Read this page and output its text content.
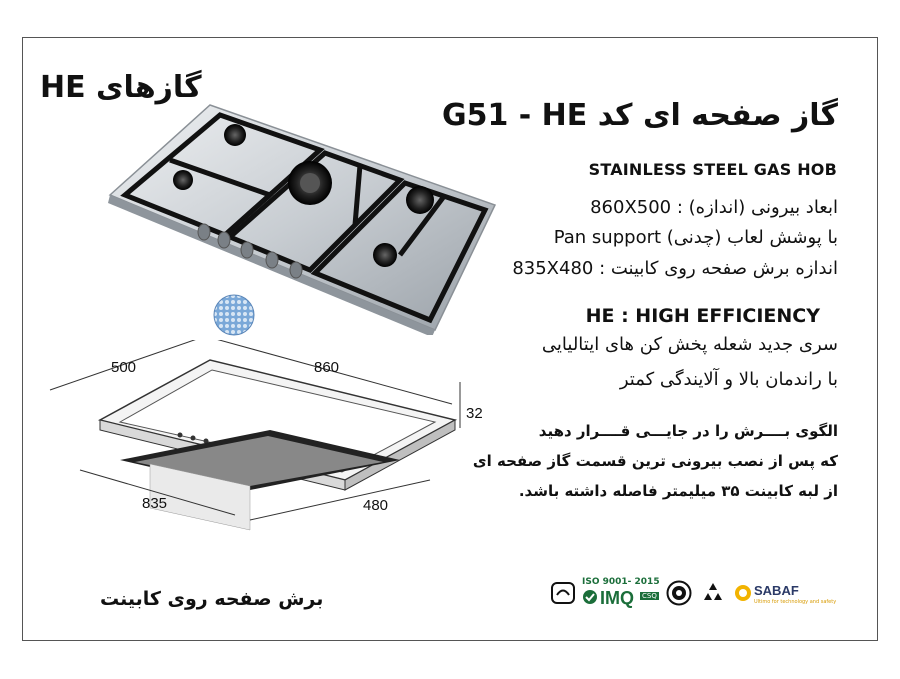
گازهای HE
گاز صفحه ای کد G51 - HE
STAINLESS STEEL GAS HOB
860X500 : ابعاد بیرونی (اندازه)
Pan support (چدنی) با پوشش لعاب
835X480 : اندازه برش صفحه روی کابینت
HE : HIGH EFFICIENCY
سری جدید شعله پخش کن های ایتالیایی
با راندمان بالا و آلایندگی کمتر
الگوی بــــرش را در جایـــی قــــرار دهید
که پس از نصب بیرونی ترین قسمت گاز صفحه ای
از لبه کابینت ۳۵ میلیمتر فاصله داشته باشد.
برش صفحه روی کابینت
500	860
32
835	480
ISO 9001- 2015
IMQ CSQ	SABAF
Ultimo for technology and safety
